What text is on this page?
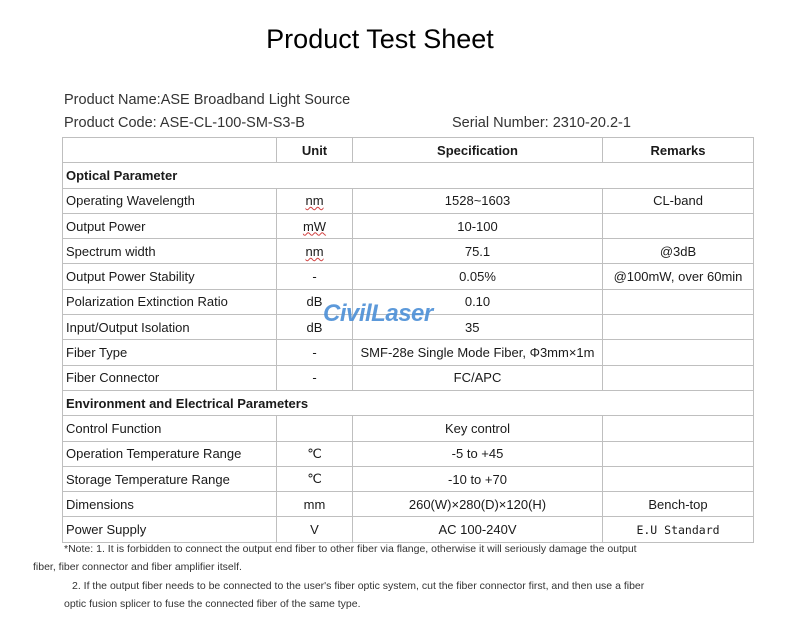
Product Test Sheet
Product Name:ASE Broadband Light Source
Product Code: ASE-CL-100-SM-S3-B	Serial Number: 2310-20.2-1
	Unit	Specification	Remarks
Optical Parameter			
Operating Wavelength	nm	1528~1603	CL-band
Output Power	mW	10-100	
Spectrum width	nm	75.1	@3dB
Output Power Stability	-	0.05%	@100mW, over 60min
Polarization Extinction Ratio	dB	0.10	
Input/Output Isolation	dB	35	
Fiber Type	-	SMF-28e Single Mode Fiber, Φ3mm×1m	
Fiber Connector	-	FC/APC	
Environment and Electrical Parameters			
Control Function		Key control	
Operation Temperature Range	℃	-5 to +45	
Storage Temperature Range	℃	-10 to +70	
Dimensions	mm	260(W)×280(D)×120(H)	Bench-top
Power Supply	V	AC 100-240V	E.U Standard
CivilLaser
*Note: 1. It is forbidden to connect the output end fiber to other fiber via flange, otherwise it will seriously damage the output
fiber, fiber connector and fiber amplifier itself.
2. If the output fiber needs to be connected to the user's fiber optic system, cut the fiber connector first, and then use a fiber
optic fusion splicer to fuse the connected fiber of the same type.
